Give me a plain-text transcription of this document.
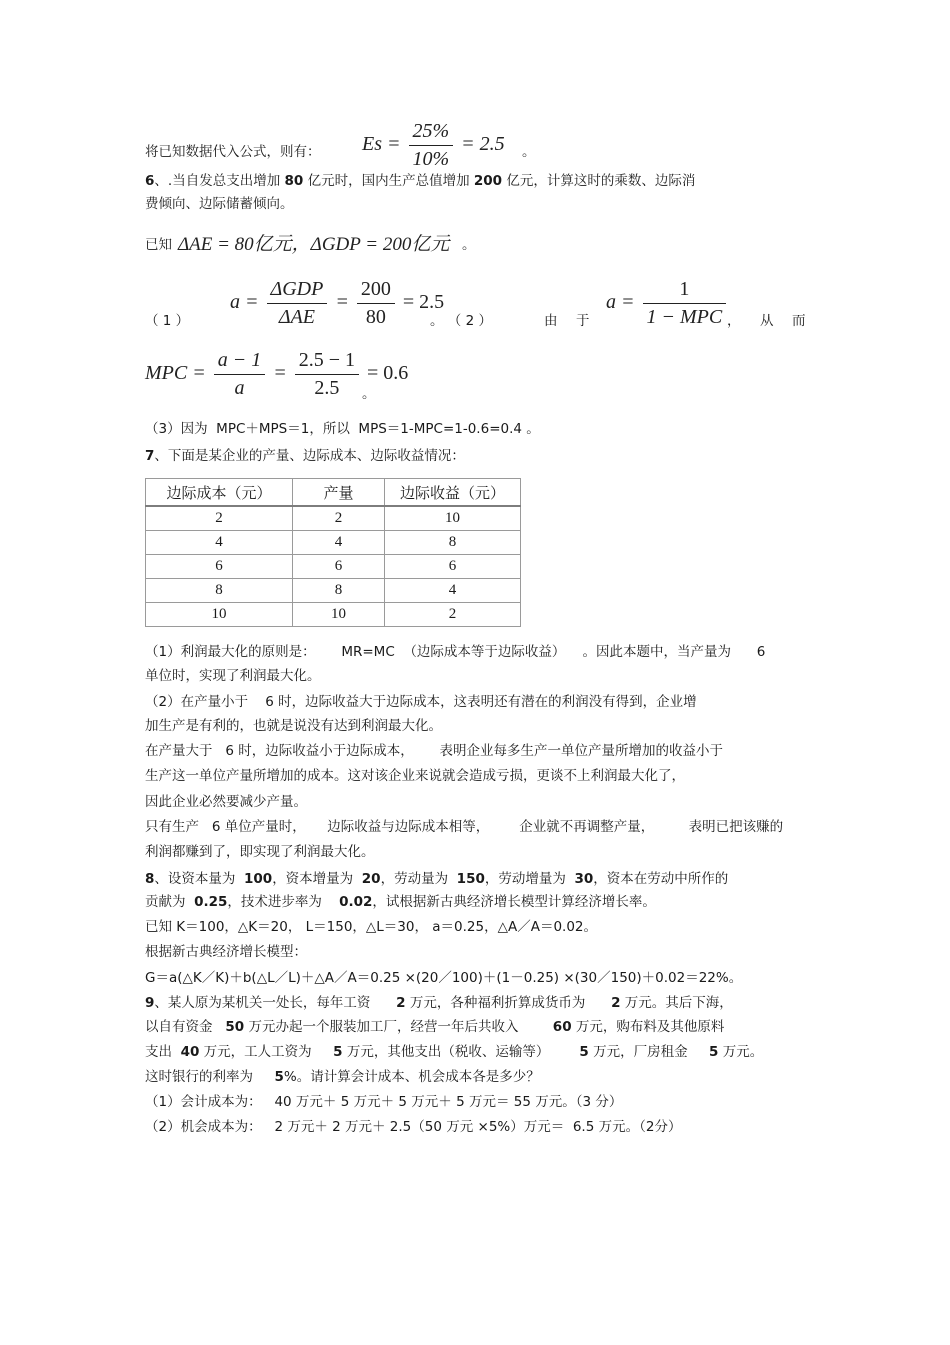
将已知数据代入公式，则有： $Es = \frac{25\%}{10\%} = 2.5$ 。
6、.当自发总支出增加 80 亿元时，国内生产总值增加 200 亿元，计算这时的乘数、边际消
费倾向、边际储蓄倾向。
已知 ΔAE = 80亿元，ΔGDP = 200亿元 。
（ 1 ）
$a = \frac{\text{ΔGDP}}{\text{ΔAE}} = \frac{200}{80} = 2.5$
。 （ 2 ）	由 于
$a = \frac{1}{\text{1 − MPC}}$ ， 从 而
MPC = $\frac{a - 1}{a} = \frac{2.5 - 1}{2.5} = 0.6$
。
（3）因为  MPC＋MPS＝1，所以  MPS＝1-MPC=1-0.6=0.4 。
7、下面是某企业的产量、边际成本、边际收益情况：
边际成本（元）	产量	边际收益（元）
2	2	10
4	4	8
6	6	6
8	8	4
10	10	2
（1）利润最大化的原则是：      MR=MC  （边际成本等于边际收益）    。因此本题中，当产量为      6
单位时，实现了利润最大化。
（2）在产量小于    6 时，边际收益大于边际成本，这表明还有潜在的利润没有得到，企业增
加生产是有利的，也就是说没有达到利润最大化。
在产量大于   6 时，边际收益小于边际成本，      表明企业每多生产一单位产量所增加的收益小于
生产这一单位产量所增加的成本。这对该企业来说就会造成亏损，更谈不上利润最大化了，
因此企业必然要减少产量。
只有生产   6 单位产量时，     边际收益与边际成本相等，       企业就不再调整产量，        表明已把该赚的
利润都赚到了，即实现了利润最大化。
8、设资本量为  100，资本增量为  20，劳动量为  150，劳动增量为  30，资本在劳动中所作的
贡献为  0.25，技术进步率为    0.02，试根据新古典经济增长模型计算经济增长率。
已知 K＝100，△K＝20， L＝150，△L＝30， a＝0.25，△A／A＝0.02。
根据新古典经济增长模型：
G＝a(△K／K)＋b(△L／L)＋△A／A＝0.25 ×(20／100)＋(1－0.25) ×(30／150)＋0.02＝22%。
9、某人原为某机关一处长，每年工资      2 万元，各种福利折算成货币为      2 万元。其后下海，
以自有资金   50 万元办起一个服装加工厂，经营一年后共收入        60 万元，购布料及其他原料
支出  40 万元，工人工资为     5 万元，其他支出（税收、运输等）       5 万元，厂房租金     5 万元。
这时银行的利率为     5%。请计算会计成本、机会成本各是多少？
（1）会计成本为：   40 万元＋ 5 万元＋ 5 万元＋ 5 万元＝ 55 万元。（3 分）
（2）机会成本为：   2 万元＋ 2 万元＋ 2.5（50 万元 ×5%）万元＝  6.5 万元。（2分）
